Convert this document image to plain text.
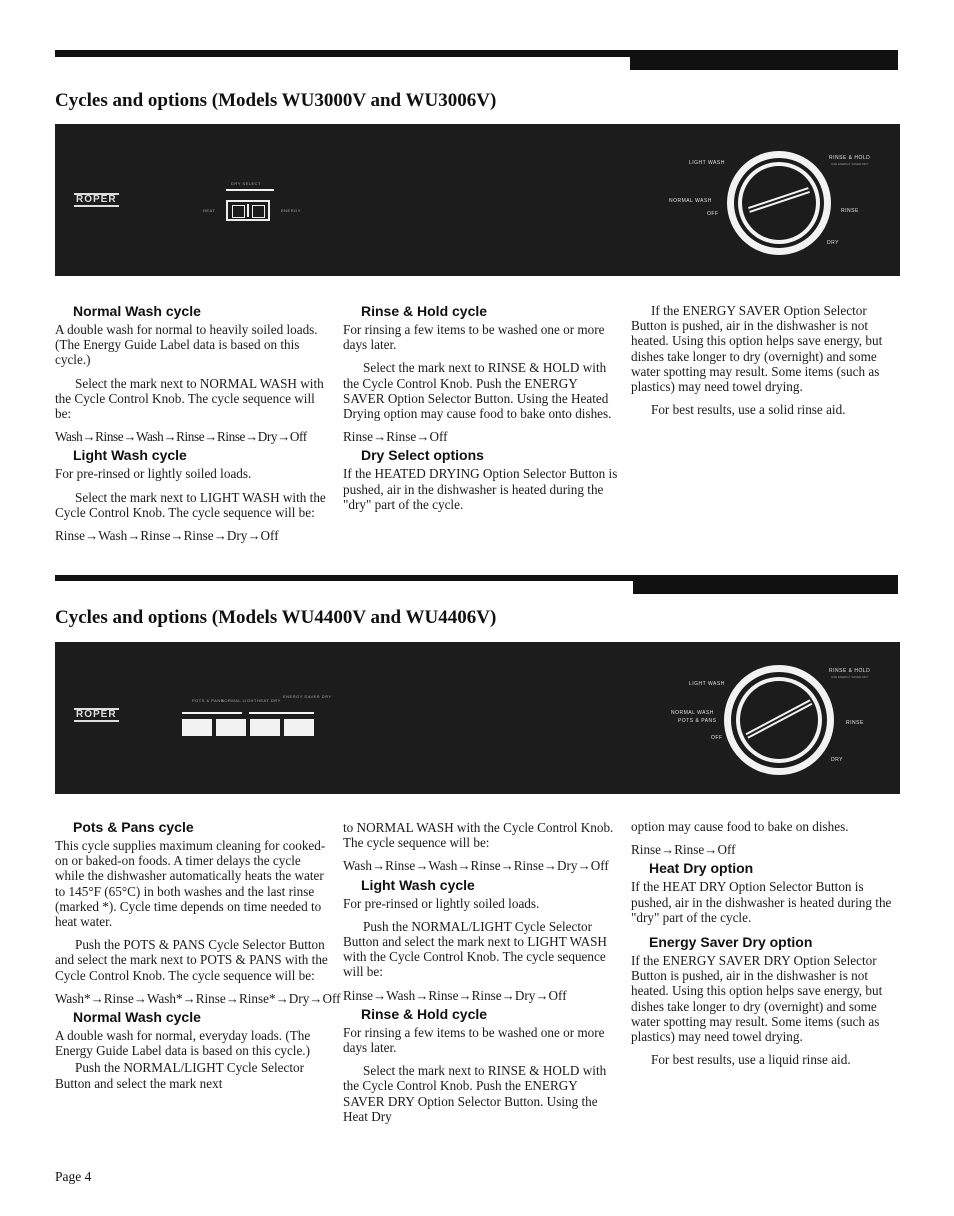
Cycles and options (Models WU3000V and WU3006V)
ROPER
DRY SELECT
HEAT	ENERGY
LIGHT WASH
NORMAL WASH
OFF
RINSE & HOLD
USE ENERGY SAVER DRY
RINSE
DRY
Normal Wash cycle

A double wash for normal to heavily soiled loads. (The Energy Guide Label data is based on this cycle.)

Select the mark next to NORMAL WASH with the Cycle Control Knob. The cycle sequence will be:

Wash→Rinse→Wash→Rinse→Rinse→Dry→Off

Light Wash cycle

For pre-rinsed or lightly soiled loads.

Select the mark next to LIGHT WASH with the Cycle Control Knob. The cycle sequence will be:

Rinse→Wash→Rinse→Rinse→Dry→Off

Rinse & Hold cycle

For rinsing a few items to be washed one or more days later.

Select the mark next to RINSE & HOLD with the Cycle Control Knob. Push the ENERGY SAVER Option Selector Button. Using the Heated Drying option may cause food to bake onto dishes.

Rinse→Rinse→Off

Dry Select options

If the HEATED DRYING Option Selector Button is pushed, air in the dishwasher is heated during the "dry" part of the cycle.

If the ENERGY SAVER Option Selector Button is pushed, air in the dishwasher is not heated. Using this option helps save energy, but dishes take longer to dry (overnight) and some water spotting may result. Some items (such as plastics) may need towel drying.

For best results, use a solid rinse aid.

Cycles and options (Models WU4400V and WU4406V)
ROPER
POTS & PANS
NORMAL LIGHT HEAT DRY
ENERGY SAVER DRY
LIGHT WASH
NORMAL WASH
POTS & PANS
OFF
RINSE & HOLD
USE ENERGY SAVER DRY
RINSE
DRY
Pots & Pans cycle

This cycle supplies maximum cleaning for cooked-on or baked-on foods. A timer delays the cycle while the dishwasher automatically heats the water to 145°F (65°C) in both washes and the last rinse (marked *). Cycle time depends on time needed to heat water.

Push the POTS & PANS Cycle Selector Button and select the mark next to POTS & PANS with the Cycle Control Knob. The cycle sequence will be:

Wash*→Rinse→Wash*→Rinse→Rinse*→Dry→Off

Normal Wash cycle

A double wash for normal, everyday loads. (The Energy Guide Label data is based on this cycle.)

Push the NORMAL/LIGHT Cycle Selector Button and select the mark next

to NORMAL WASH with the Cycle Control Knob. The cycle sequence will be:

Wash→Rinse→Wash→Rinse→Rinse→Dry→Off

Light Wash cycle

For pre-rinsed or lightly soiled loads.

Push the NORMAL/LIGHT Cycle Selector Button and select the mark next to LIGHT WASH with the Cycle Control Knob. The cycle sequence will be:

Rinse→Wash→Rinse→Rinse→Dry→Off

Rinse & Hold cycle

For rinsing a few items to be washed one or more days later.

Select the mark next to RINSE & HOLD with the Cycle Control Knob. Push the ENERGY SAVER DRY Option Selector Button. Using the Heat Dry

option may cause food to bake on dishes.

Rinse→Rinse→Off

Heat Dry option

If the HEAT DRY Option Selector Button is pushed, air in the dishwasher is heated during the "dry" part of the cycle.

Energy Saver Dry option

If the ENERGY SAVER DRY Option Selector Button is pushed, air in the dishwasher is not heated. Using this option helps save energy, but dishes take longer to dry (overnight) and some water spotting may result. Some items (such as plastics) may need towel drying.

For best results, use a liquid rinse aid.

Page 4
